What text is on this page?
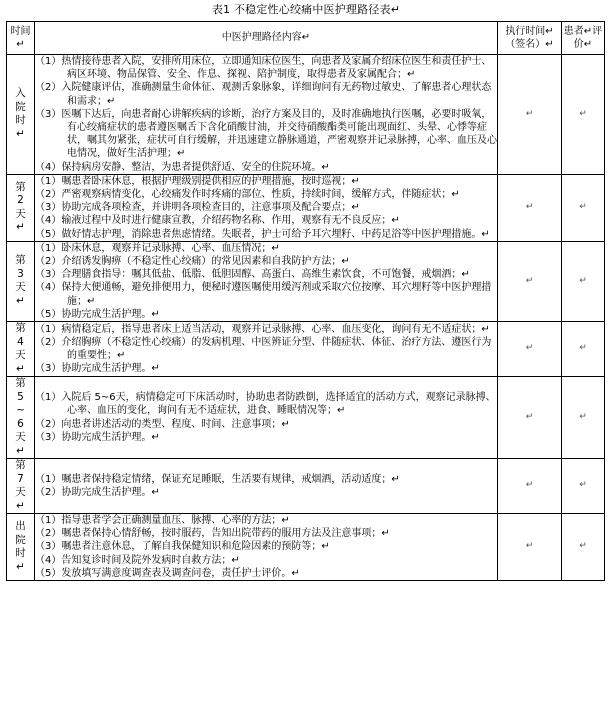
表1 不稳定性心绞痛中医护理路径表↵
时间↵	中医护理路径内容↵	执行时间↵（签名）↵	患者↵评价↵
入院时↵	（1）热情接待患者入院，安排所用床位，立即通知床位医生，向患者及家属介绍床位医生和责任护士、病区环境、物品保管、安全、作息、探视、陪护制度，取得患者及家属配合；↵
（2）入院健康评估，准确测量生命体征、观测舌象脉象，详细询问有无药物过敏史、了解患者心理状态和需求；↵
（3）医嘱下达后，向患者耐心讲解疾病的诊断，治疗方案及目的，及时准确地执行医嘱，必要时吸氧，有心绞痛症状的患者遵医嘱舌下含化硝酸甘油，并交待硝酸酯类可能出现面红、头晕、心悸等症状，嘱其勿紧张，症状可自行缓解，并迅速建立静脉通道，严密观察并记录脉搏，心率、血压及心电情况，做好生活护理；↵
（4）保持病房安静、整洁，为患者提供舒适、安全的住院环境。↵	↵	↵
第2天↵	（1）嘱患者卧床休息，根据护理级别提供相应的护理措施，按时巡视；↵
（2）严密观察病情变化，心绞痛发作时疼痛的部位、性质，持续时间，缓解方式，伴随症状；↵
（3）协助完成各项检查，并讲明各项检查目的，注意事项及配合要点；↵
（4）输液过程中及时进行健康宣教，介绍药物名称、作用，观察有无不良反应；↵
（5）做好情志护理，消除患者焦虑情绪。失眠者，护士可给予耳穴埋籽、中药足浴等中医护理措施。↵	↵	↵
第3天↵	（1）卧床休息，观察并记录脉搏、心率、血压情况；↵
（2）介绍诱发胸痹（不稳定性心绞痛）的常见因素和自我防护方法；↵
（3）合理膳食指导：嘱其低盐、低脂、低胆固醇、高蛋白、高维生素饮食，不可饱餐，戒烟酒；↵
（4）保持大便通畅，避免排便用力，便秘时遵医嘱使用缓泻剂或采取穴位按摩、耳穴埋籽等中医护理措施；↵
（5）协助完成生活护理。↵	↵	↵
第4天↵	（1）病情稳定后，指导患者床上适当活动，观察并记录脉搏、心率、血压变化，询问有无不适症状；↵
（2）介绍胸痹（不稳定性心绞痛）的发病机理、中医辨证分型、伴随症状、体征、治疗方法、遵医行为的重要性；↵
（3）协助完成生活护理。↵	↵	↵
第5~6天↵	（1）入院后 5~6天，病情稳定可下床活动时，协助患者防跌倒，选择适宜的活动方式，观察记录脉搏、心率、血压的变化，询问有无不适症状，进食、睡眠情况等；↵
（2）向患者讲述活动的类型、程度、时间、注意事项；↵
（3）协助完成生活护理。↵	↵	↵
第7天↵	（1）嘱患者保持稳定情绪，保证充足睡眠，生活要有规律，戒烟酒，活动适度；↵
（2）协助完成生活护理。↵	↵	↵
出院时↵	（1）指导患者学会正确测量血压、脉搏、心率的方法；↵
（2）嘱患者保持心情舒畅，按时服药，告知出院带药的服用方法及注意事项；↵
（3）嘱患者注意休息，了解自我保健知识和危险因素的预防等；↵
（4）告知复诊时间及院外发病时自救方法；↵
（5）发放填写满意度调查表及调查问卷，责任护士评价。↵	↵	↵
